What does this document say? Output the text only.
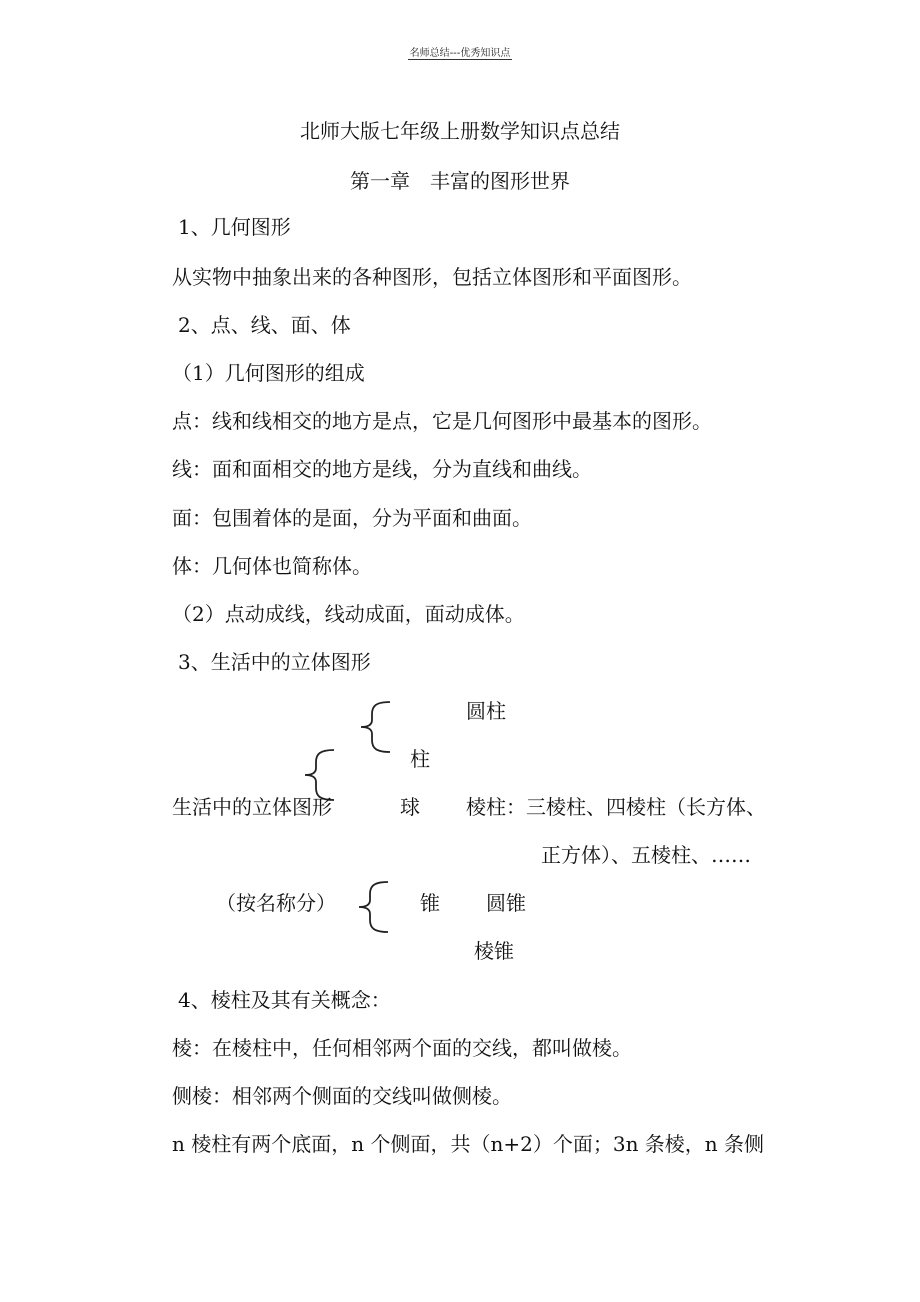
名师总结---优秀知识点
北师大版七年级上册数学知识点总结
第一章　丰富的图形世界
1、几何图形
从实物中抽象出来的各种图形，包括立体图形和平面图形。
2、点、线、面、体
（1）几何图形的组成
点：线和线相交的地方是点，它是几何图形中最基本的图形。
线：面和面相交的地方是线，分为直线和曲线。
面：包围着体的是面，分为平面和曲面。
体：几何体也简称体。
（2）点动成线，线动成面，面动成体。
3、生活中的立体图形
圆柱
柱
生活中的立体图形	球 棱柱：三棱柱、四棱柱（长方体、
正方体）、五棱柱、……
（按名称分）	锥 圆锥
棱锥
4、棱柱及其有关概念：
棱：在棱柱中，任何相邻两个面的交线，都叫做棱。
侧棱：相邻两个侧面的交线叫做侧棱。
n 棱柱有两个底面，n 个侧面，共（n+2）个面；3n 条棱，n 条侧
